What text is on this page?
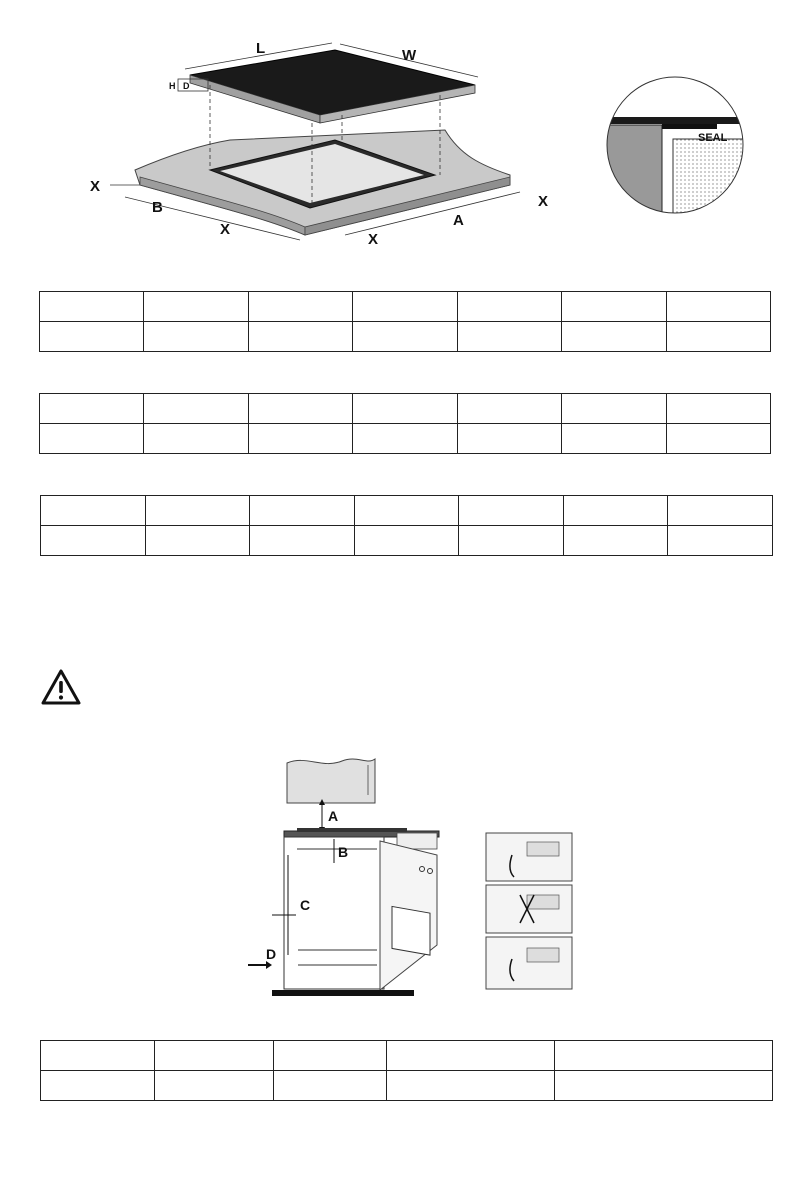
L	W
H D
X
B
X
X
A
X
SEAL

A
B
C
D
